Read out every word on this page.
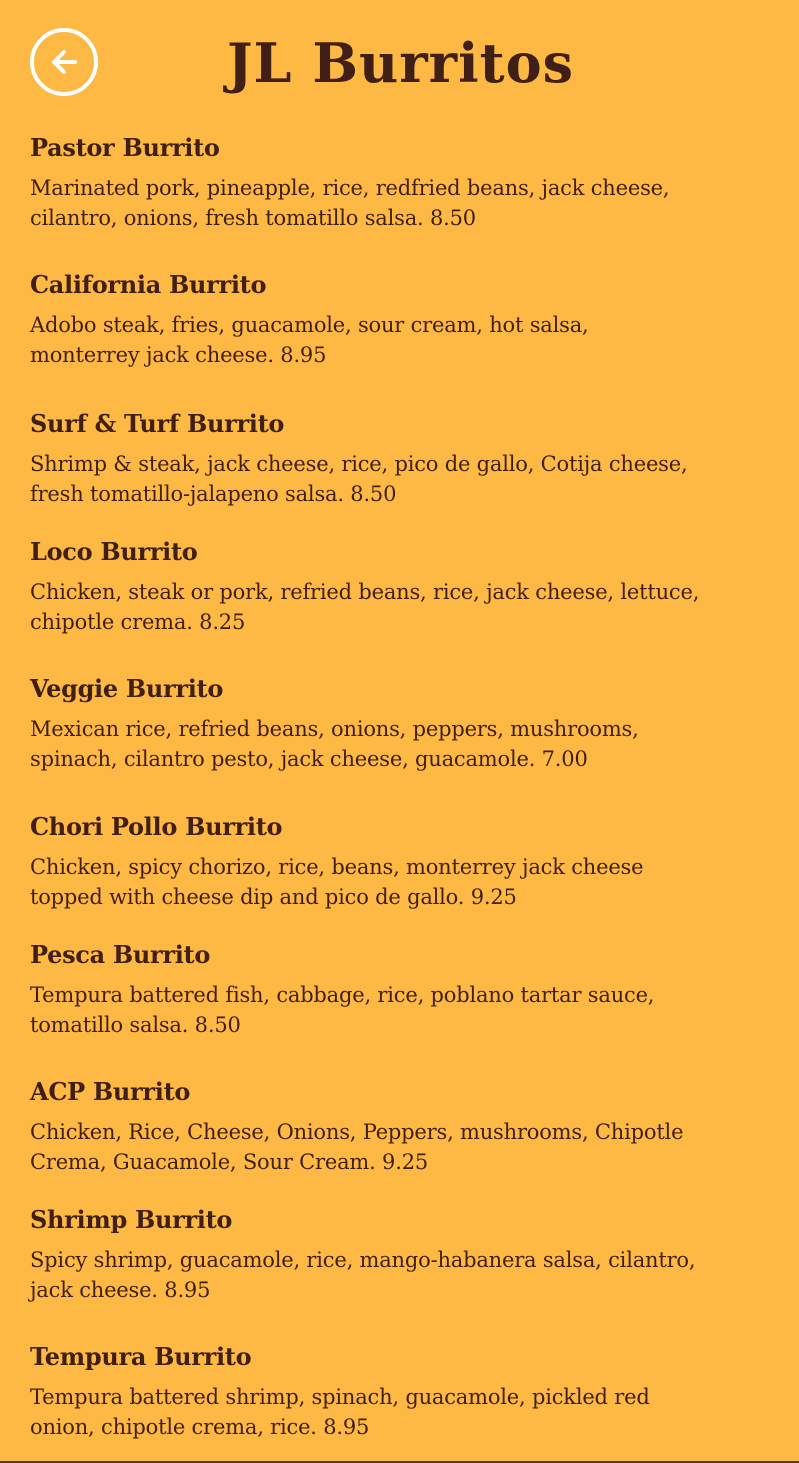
JL Burritos
Pastor Burrito
Marinated pork, pineapple, rice, redfried beans, jack cheese,
cilantro, onions, fresh tomatillo salsa. 8.50
California Burrito
Adobo steak, fries, guacamole, sour cream, hot salsa,
monterrey jack cheese. 8.95
Surf & Turf Burrito
Shrimp & steak, jack cheese, rice, pico de gallo, Cotija cheese,
fresh tomatillo-jalapeno salsa. 8.50
Loco Burrito
Chicken, steak or pork, refried beans, rice, jack cheese, lettuce,
chipotle crema. 8.25
Veggie Burrito
Mexican rice, refried beans, onions, peppers, mushrooms,
spinach, cilantro pesto, jack cheese, guacamole. 7.00
Chori Pollo Burrito
Chicken, spicy chorizo, rice, beans, monterrey jack cheese
topped with cheese dip and pico de gallo. 9.25
Pesca Burrito
Tempura battered fish, cabbage, rice, poblano tartar sauce,
tomatillo salsa. 8.50
ACP Burrito
Chicken, Rice, Cheese, Onions, Peppers, mushrooms, Chipotle
Crema, Guacamole, Sour Cream. 9.25
Shrimp Burrito
Spicy shrimp, guacamole, rice, mango-habanera salsa, cilantro,
jack cheese. 8.95
Tempura Burrito
Tempura battered shrimp, spinach, guacamole, pickled red
onion, chipotle crema, rice. 8.95
